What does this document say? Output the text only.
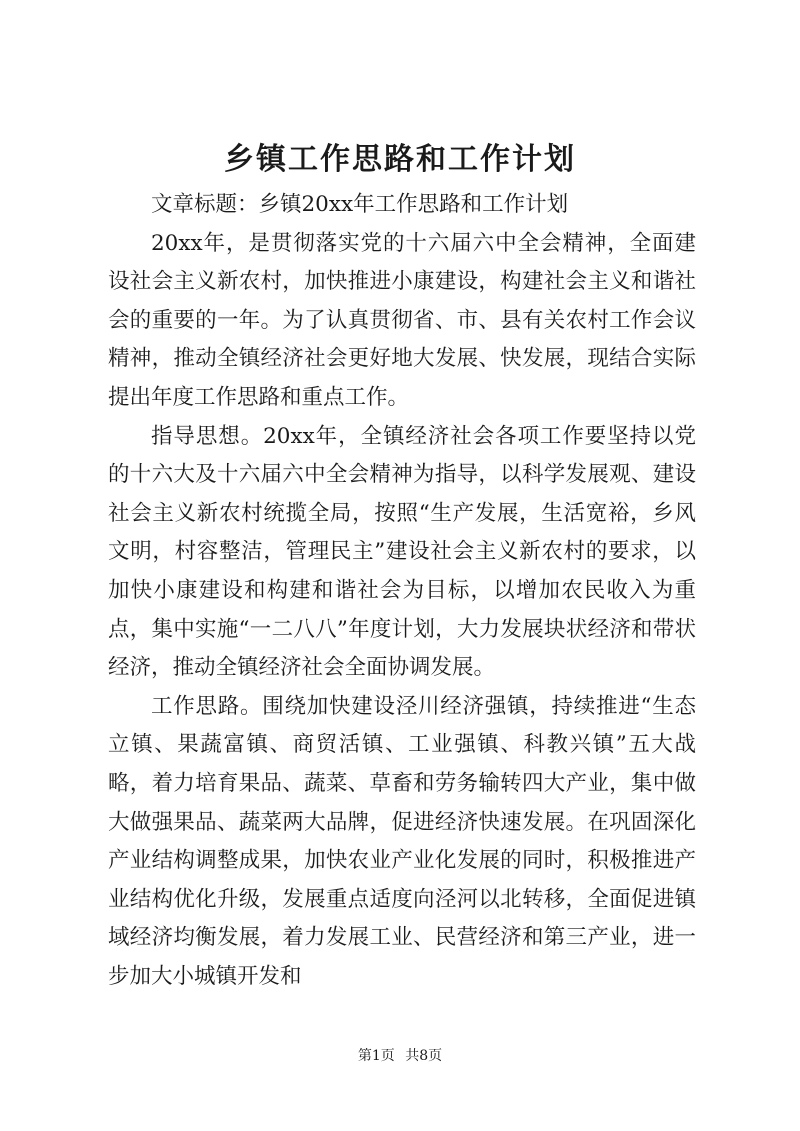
乡镇工作思路和工作计划

文章标题：乡镇20xx年工作思路和工作计划

20xx年，是贯彻落实党的十六届六中全会精神，全面建设社会主义新农村，加快推进小康建设，构建社会主义和谐社会的重要的一年。为了认真贯彻省、市、县有关农村工作会议精神，推动全镇经济社会更好地大发展、快发展，现结合实际提出年度工作思路和重点工作。

指导思想。20xx年，全镇经济社会各项工作要坚持以党的十六大及十六届六中全会精神为指导，以科学发展观、建设社会主义新农村统揽全局，按照“生产发展，生活宽裕，乡风文明，村容整洁，管理民主”建设社会主义新农村的要求，以加快小康建设和构建和谐社会为目标，以增加农民收入为重点，集中实施“一二八八”年度计划，大力发展块状经济和带状经济，推动全镇经济社会全面协调发展。

工作思路。围绕加快建设泾川经济强镇，持续推进“生态立镇、果蔬富镇、商贸活镇、工业强镇、科教兴镇”五大战略，着力培育果品、蔬菜、草畜和劳务输转四大产业，集中做大做强果品、蔬菜两大品牌，促进经济快速发展。在巩固深化产业结构调整成果，加快农业产业化发展的同时，积极推进产业结构优化升级，发展重点适度向泾河以北转移，全面促进镇域经济均衡发展，着力发展工业、民营经济和第三产业，进一步加大小城镇开发和

第1页 共8页
